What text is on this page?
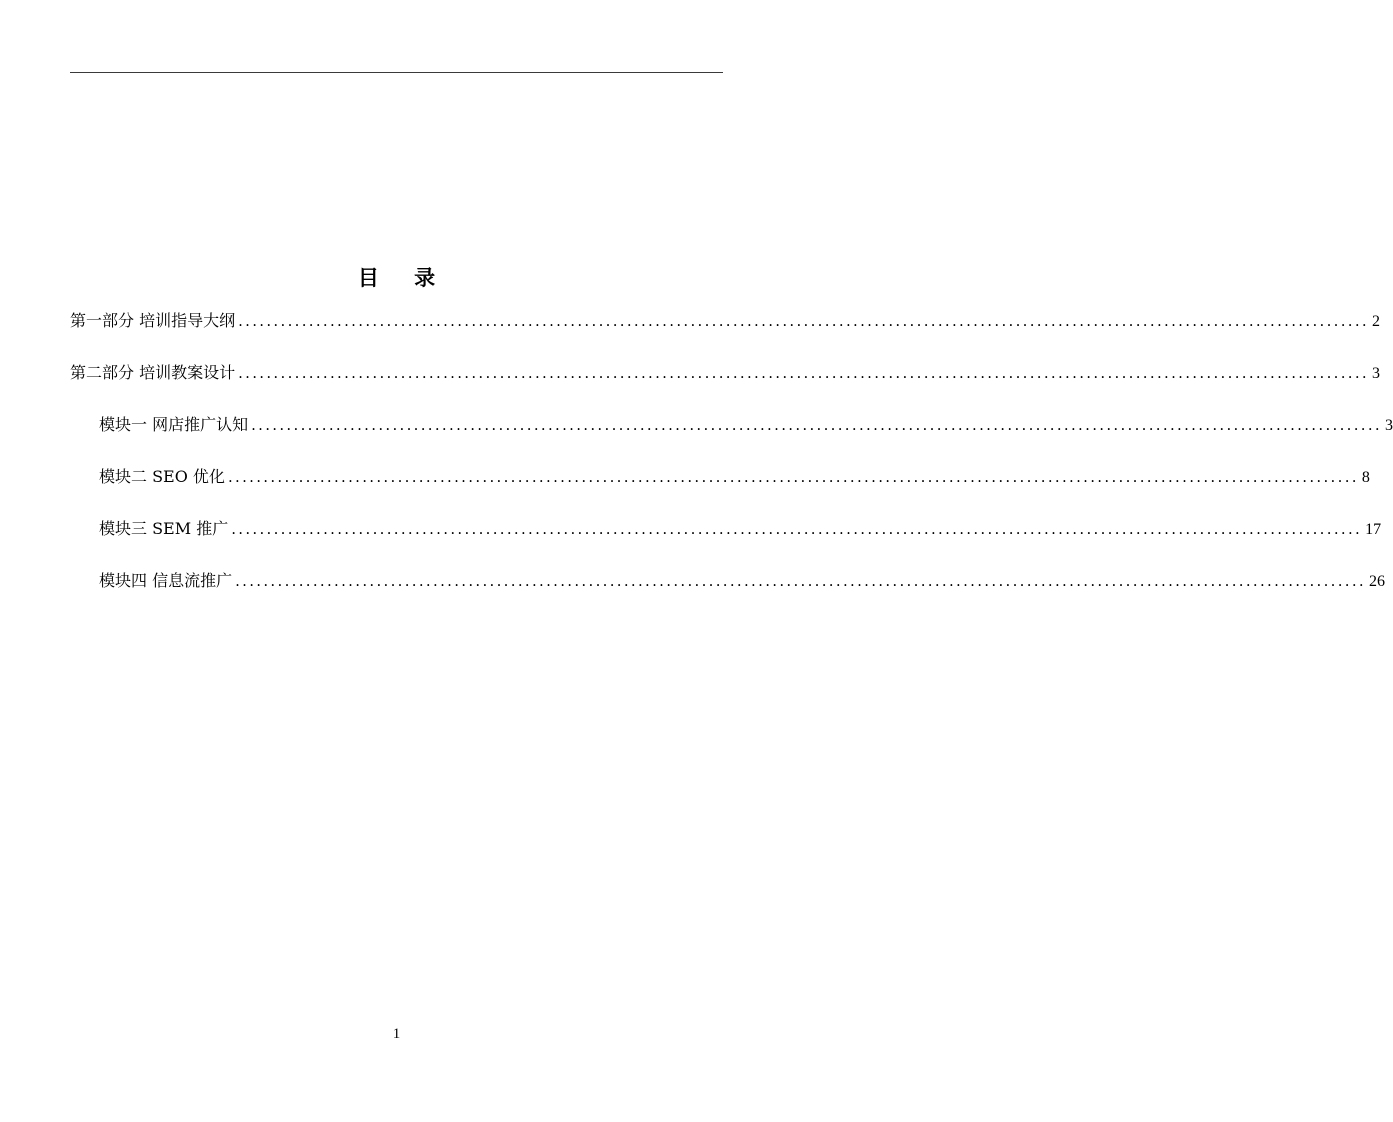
目 录
第一部分 培训指导大纲 ................................................................................................................................................................ 2
第二部分 培训教案设计 ................................................................................................................................................................ 3
模块一 网店推广认知 ................................................................................................................................................................ 3
模块二 SEO 优化 ................................................................................................................................................................ 8
模块三 SEM 推广 ................................................................................................................................................................ 17
模块四 信息流推广 ................................................................................................................................................................ 26
1
